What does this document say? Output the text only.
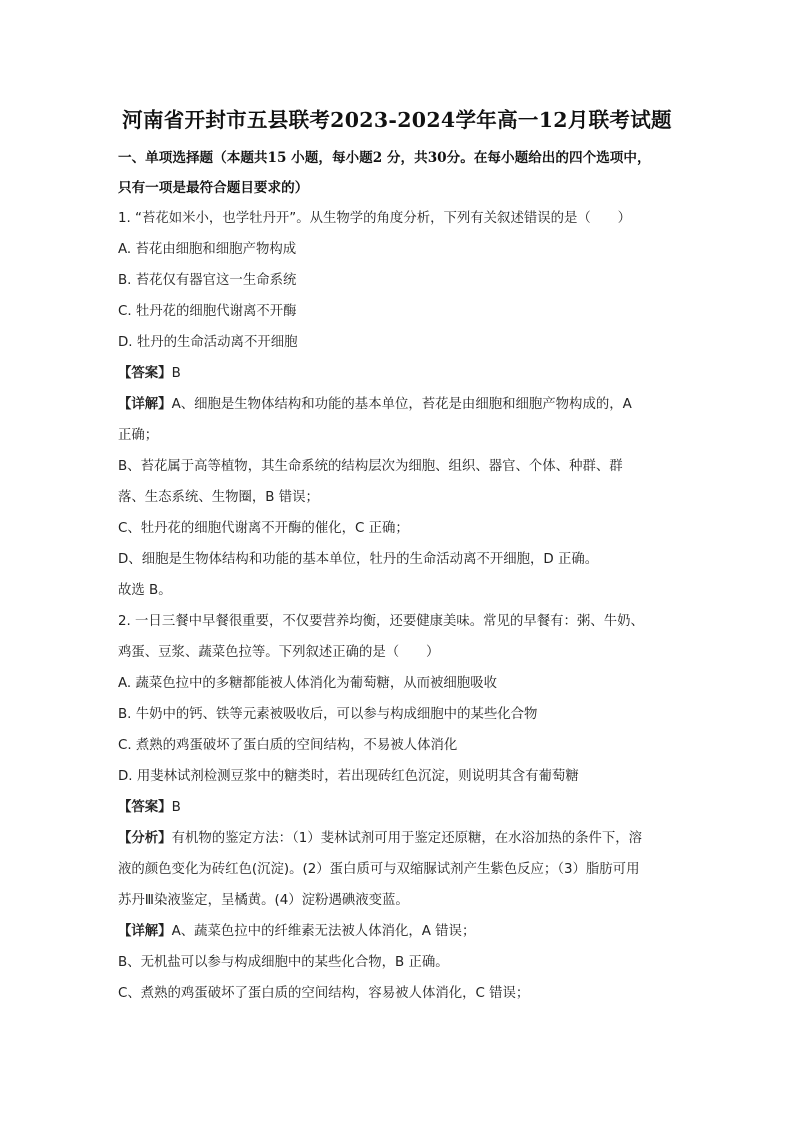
河南省开封市五县联考2023-2024学年高一12月联考试题
一、单项选择题（本题共15 小题，每小题2 分，共30分。在每小题给出的四个选项中，
只有一项是最符合题目要求的）
1. “苔花如米小，也学牡丹开”。从生物学的角度分析，下列有关叙述错误的是（　　）
A. 苔花由细胞和细胞产物构成
B. 苔花仅有器官这一生命系统
C. 牡丹花的细胞代谢离不开酶
D. 牡丹的生命活动离不开细胞
【答案】B
【详解】A、细胞是生物体结构和功能的基本单位，苔花是由细胞和细胞产物构成的，A
正确；
B、苔花属于高等植物，其生命系统的结构层次为细胞、组织、器官、个体、种群、群
落、生态系统、生物圈，B 错误；
C、牡丹花的细胞代谢离不开酶的催化，C 正确；
D、细胞是生物体结构和功能的基本单位，牡丹的生命活动离不开细胞，D 正确。
故选 B。
2. 一日三餐中早餐很重要，不仅要营养均衡，还要健康美味。常见的早餐有：粥、牛奶、
鸡蛋、豆浆、蔬菜色拉等。下列叙述正确的是（　　）
A. 蔬菜色拉中的多糖都能被人体消化为葡萄糖，从而被细胞吸收
B. 牛奶中的钙、铁等元素被吸收后，可以参与构成细胞中的某些化合物
C. 煮熟的鸡蛋破坏了蛋白质的空间结构，不易被人体消化
D. 用斐林试剂检测豆浆中的糖类时，若出现砖红色沉淀，则说明其含有葡萄糖
【答案】B
【分析】有机物的鉴定方法：（1）斐林试剂可用于鉴定还原糖，在水浴加热的条件下，溶
液的颜色变化为砖红色(沉淀)。(2）蛋白质可与双缩脲试剂产生紫色反应；（3）脂肪可用
苏丹Ⅲ染液鉴定，呈橘黄。(4）淀粉遇碘液变蓝。
【详解】A、蔬菜色拉中的纤维素无法被人体消化，A 错误；
B、无机盐可以参与构成细胞中的某些化合物，B 正确。
C、煮熟的鸡蛋破坏了蛋白质的空间结构，容易被人体消化，C 错误；
